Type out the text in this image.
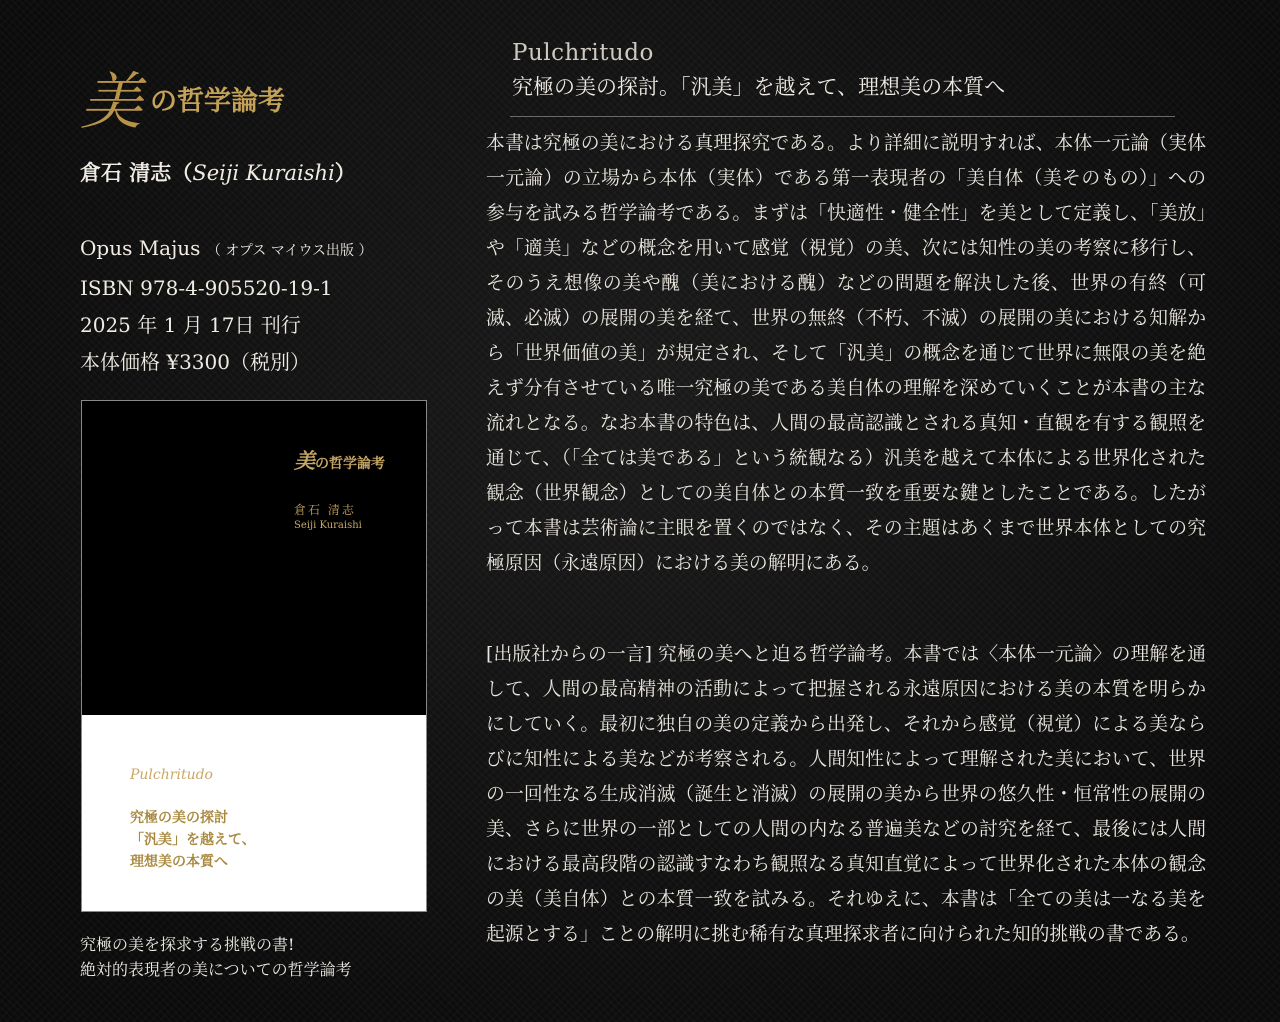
美 の哲学論考
倉石 清志（Seiji Kuraishi）
Opus Majus （ オプス マイウス出版 ）
ISBN 978-4-905520-19-1
2025 年 1 月 17日 刊行
本体価格 ¥3300（税別）
美の哲学論考
倉石 清志
Seiji Kuraishi
Pulchritudo
究極の美の探討
「汎美」を越えて、
理想美の本質へ
究極の美を探求する挑戦の書!
絶対的表現者の美についての哲学論考
Pulchritudo
究極の美の探討。「汎美」を越えて、理想美の本質へ
本書は究極の美における真理探究である。より詳細に説明すれば、本体一元論（実体一元論）の立場から本体（実体）である第一表現者の「美自体（美そのもの）」への参与を試みる哲学論考である。まずは「快適性・健全性」を美として定義し、「美放」や「適美」などの概念を用いて感覚（視覚）の美、次には知性の美の考察に移行し、そのうえ想像の美や醜（美における醜）などの問題を解決した後、世界の有終（可滅、必滅）の展開の美を経て、世界の無終（不朽、不滅）の展開の美における知解から「世界価値の美」が規定され、そして「汎美」の概念を通じて世界に無限の美を絶えず分有させている唯一究極の美である美自体の理解を深めていくことが本書の主な流れとなる。なお本書の特色は、人間の最高認識とされる真知・直観を有する観照を通じて、（「全ては美である」という統観なる）汎美を越えて本体による世界化された観念（世界観念）としての美自体との本質一致を重要な鍵としたことである。したがって本書は芸術論に主眼を置くのではなく、その主題はあくまで世界本体としての究極原因（永遠原因）における美の解明にある。
[出版社からの一言] 究極の美へと迫る哲学論考。本書では〈本体一元論〉の理解を通して、人間の最高精神の活動によって把握される永遠原因における美の本質を明らかにしていく。最初に独自の美の定義から出発し、それから感覚（視覚）による美ならびに知性による美などが考察される。人間知性によって理解された美において、世界の一回性なる生成消滅（誕生と消滅）の展開の美から世界の悠久性・恒常性の展開の美、さらに世界の一部としての人間の内なる普遍美などの討究を経て、最後には人間における最高段階の認識すなわち観照なる真知直覚によって世界化された本体の観念の美（美自体）との本質一致を試みる。それゆえに、本書は「全ての美は一なる美を起源とする」ことの解明に挑む稀有な真理探求者に向けられた知的挑戦の書である。
